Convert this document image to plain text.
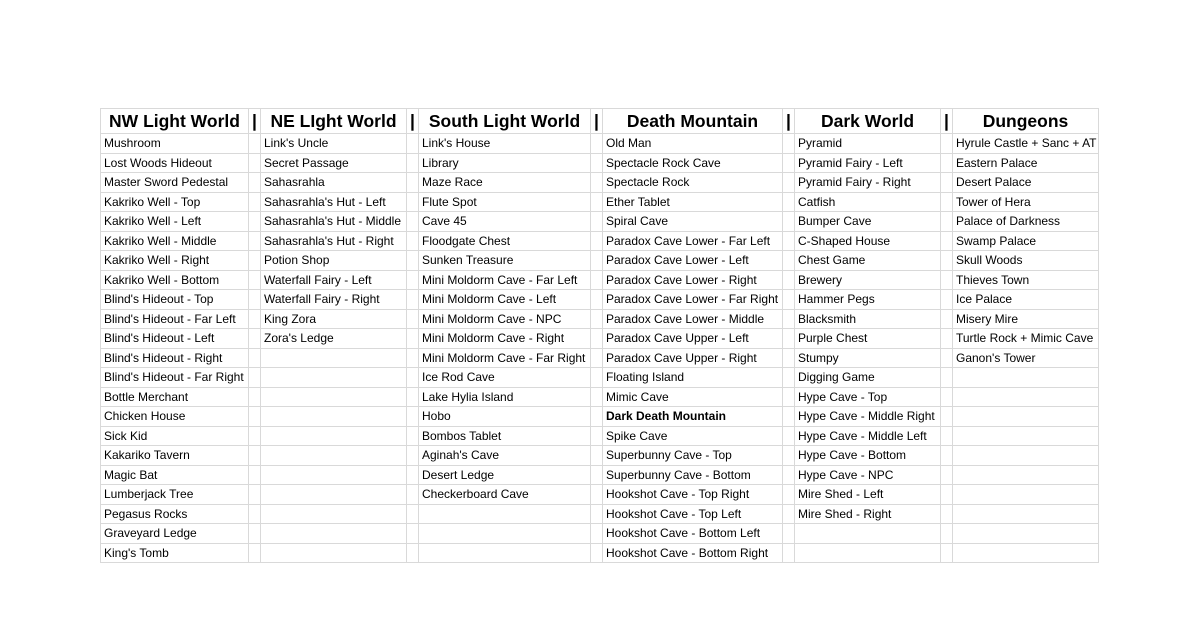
NW Light World	|	NE LIght World	|	South Light World	|	Death Mountain	|	Dark World	|	Dungeons
Mushroom		Link's Uncle		Link's House		Old Man		Pyramid		Hyrule Castle + Sanc + AT
Lost Woods Hideout		Secret Passage		Library		Spectacle Rock Cave		Pyramid Fairy - Left		Eastern Palace
Master Sword Pedestal		Sahasrahla		Maze Race		Spectacle Rock		Pyramid Fairy - Right		Desert Palace
Kakriko Well - Top		Sahasrahla's Hut - Left		Flute Spot		Ether Tablet		Catfish		Tower of Hera
Kakriko Well - Left		Sahasrahla's Hut - Middle		Cave 45		Spiral Cave		Bumper Cave		Palace of Darkness
Kakriko Well - Middle		Sahasrahla's Hut - Right		Floodgate Chest		Paradox Cave Lower - Far Left		C-Shaped House		Swamp Palace
Kakriko Well - Right		Potion Shop		Sunken Treasure		Paradox Cave Lower - Left		Chest Game		Skull Woods
Kakriko Well - Bottom		Waterfall Fairy - Left		Mini Moldorm Cave - Far Left		Paradox Cave Lower - Right		Brewery		Thieves Town
Blind's Hideout - Top		Waterfall Fairy - Right		Mini Moldorm Cave - Left		Paradox Cave Lower - Far Right		Hammer Pegs		Ice Palace
Blind's Hideout - Far Left		King Zora		Mini Moldorm Cave - NPC		Paradox Cave Lower - Middle		Blacksmith		Misery Mire
Blind's Hideout - Left		Zora's Ledge		Mini Moldorm Cave - Right		Paradox Cave Upper - Left		Purple Chest		Turtle Rock + Mimic Cave
Blind's Hideout - Right				Mini Moldorm Cave - Far Right		Paradox Cave Upper - Right		Stumpy		Ganon's Tower
Blind's Hideout - Far Right				Ice Rod Cave		Floating Island		Digging Game		
Bottle Merchant				Lake Hylia Island		Mimic Cave		Hype Cave - Top		
Chicken House				Hobo		Dark Death Mountain		Hype Cave - Middle Right		
Sick Kid				Bombos Tablet		Spike Cave		Hype Cave - Middle Left		
Kakariko Tavern				Aginah's Cave		Superbunny Cave - Top		Hype Cave - Bottom		
Magic Bat				Desert Ledge		Superbunny Cave - Bottom		Hype Cave - NPC		
Lumberjack Tree				Checkerboard Cave		Hookshot Cave - Top Right		Mire Shed - Left		
Pegasus Rocks						Hookshot Cave - Top Left		Mire Shed - Right		
Graveyard Ledge						Hookshot Cave - Bottom Left				
King's Tomb						Hookshot Cave - Bottom Right				
